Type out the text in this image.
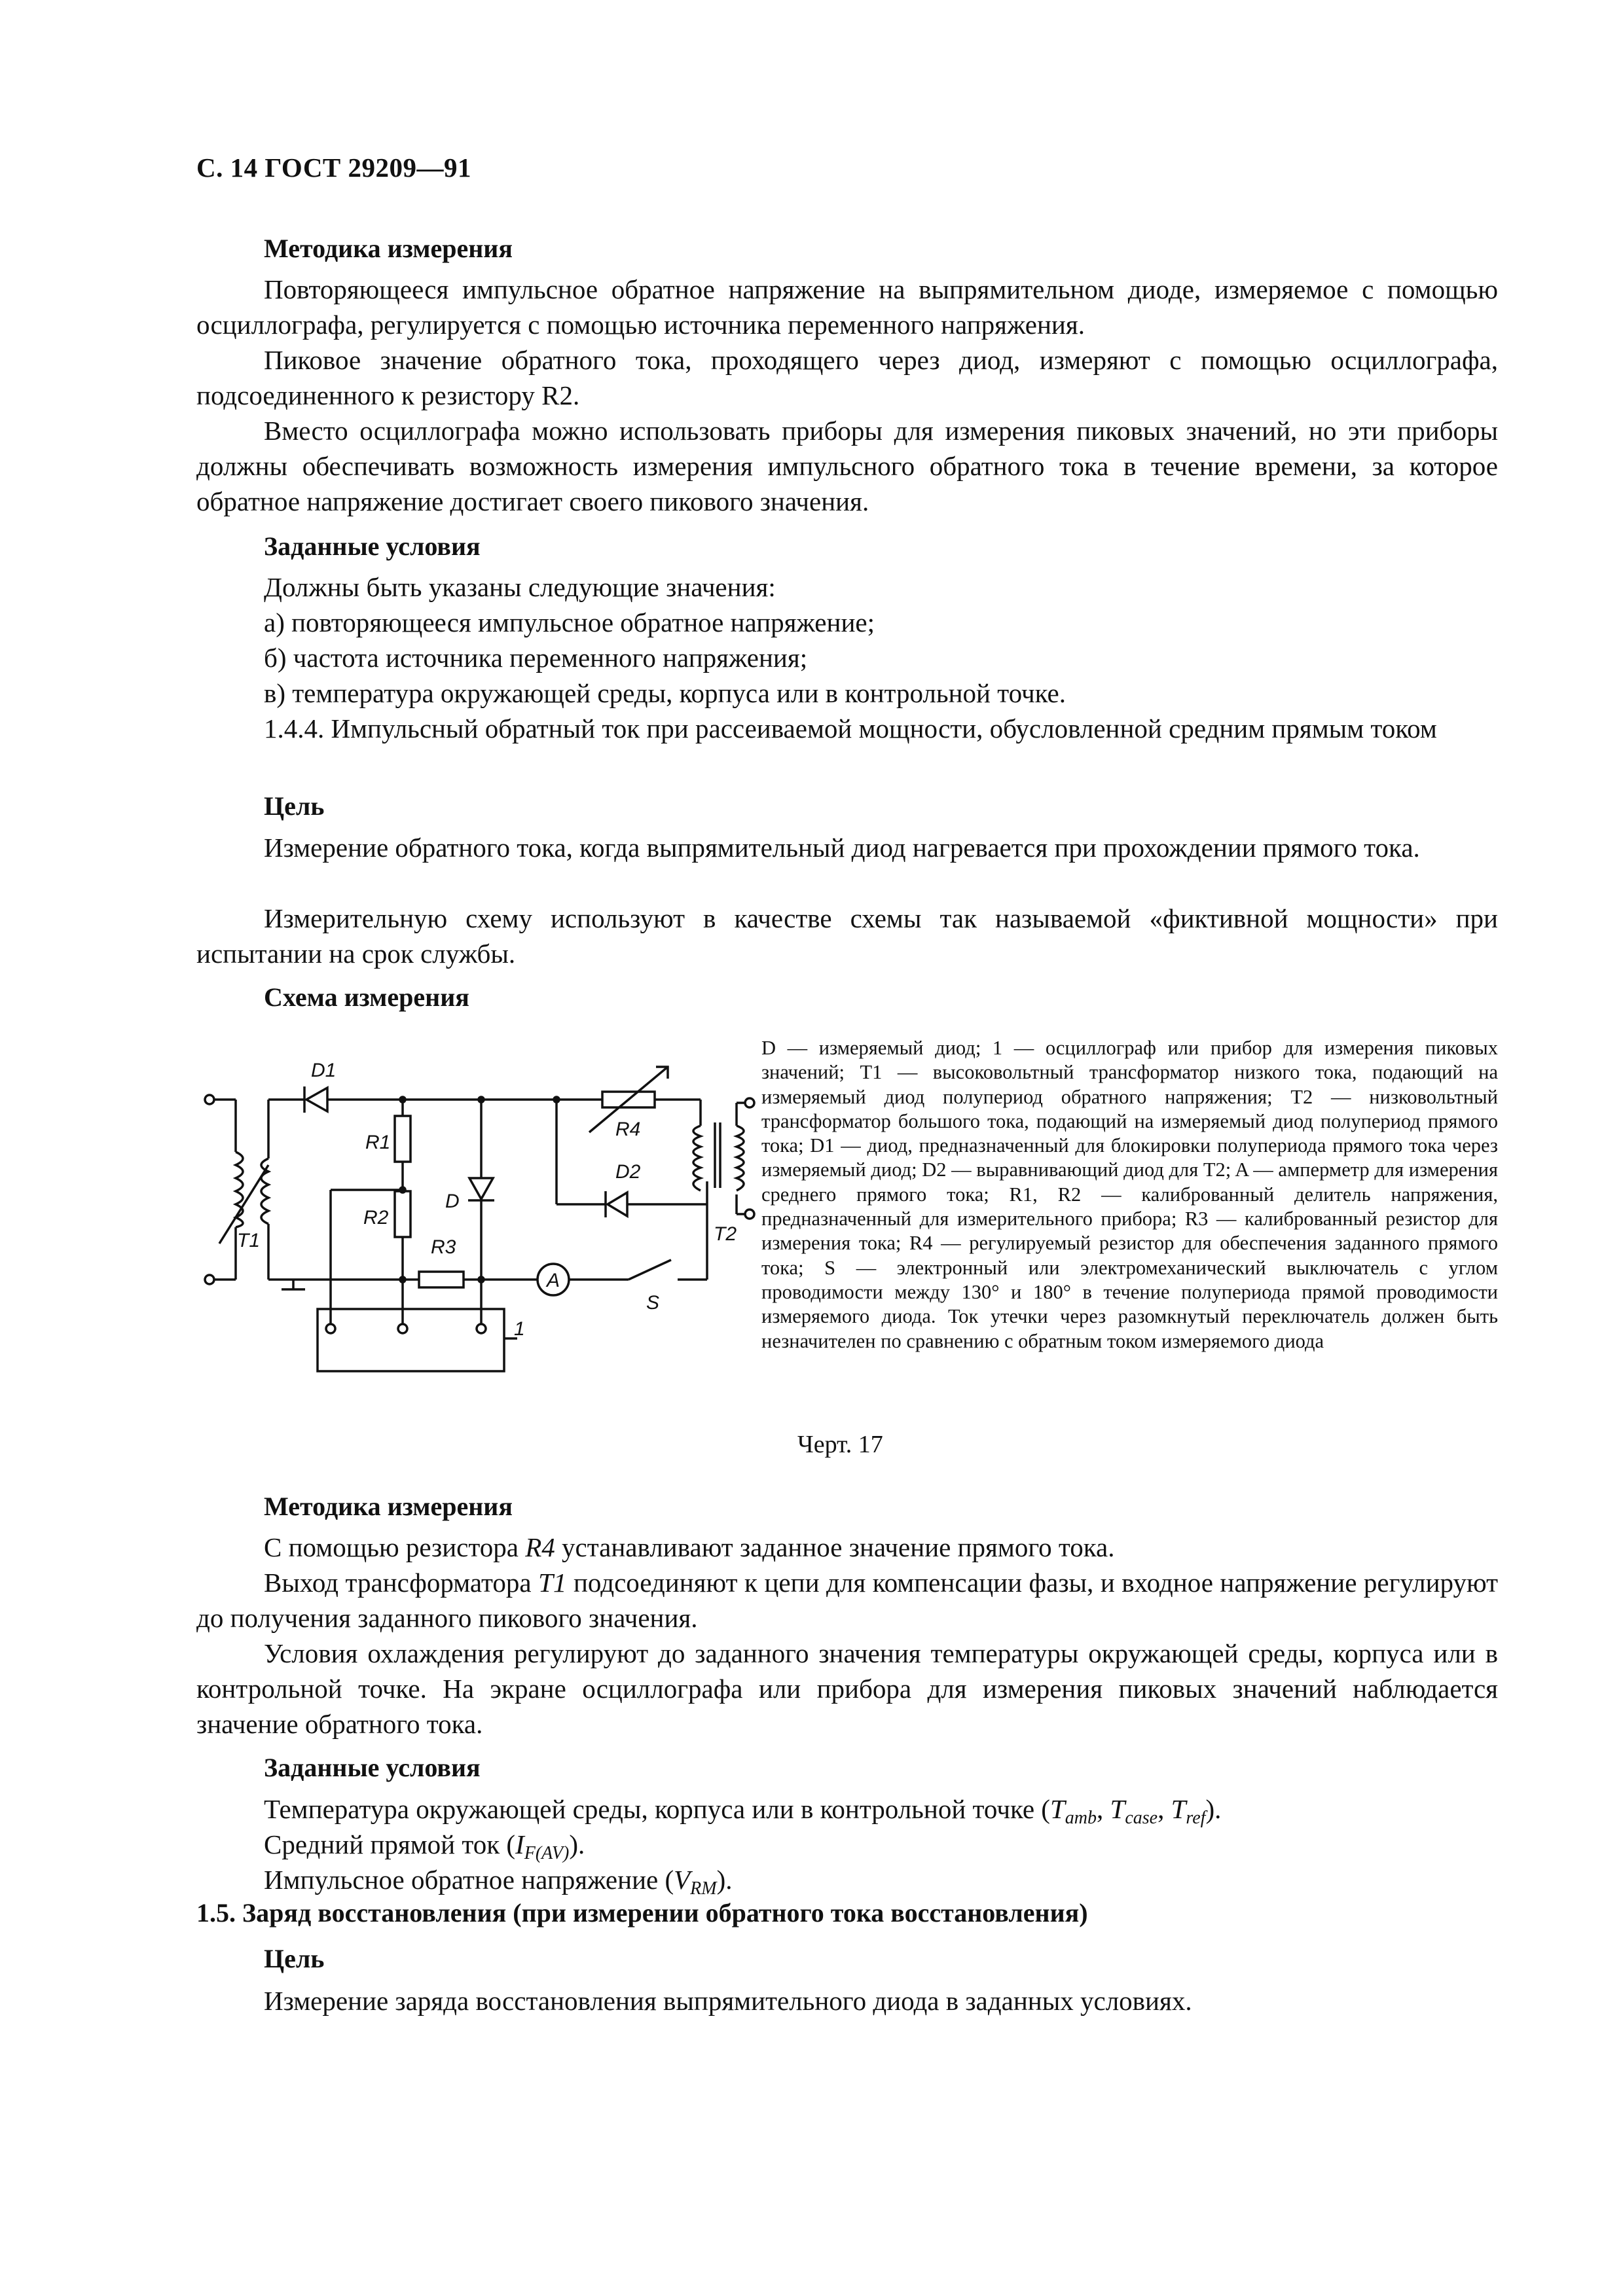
С. 14 ГОСТ 29209—91
Методика измерения

Повторяющееся импульсное обратное напряжение на выпрямительном диоде, измеряемое с помощью осциллографа, регулируется с помощью источника переменного напряжения.

Пиковое значение обратного тока, проходящего через диод, измеряют с помощью осциллографа, подсоединенного к резистору R2.

Вместо осциллографа можно использовать приборы для измерения пиковых значений, но эти приборы должны обеспечивать возможность измерения импульсного обратного тока в течение времени, за которое обратное напряжение достигает своего пикового значения.

Заданные условия
Должны быть указаны следующие значения:
а) повторяющееся импульсное обратное напряжение;
б) частота источника переменного напряжения;
в) температура окружающей среды, корпуса или в контрольной точке.

1.4.4. Импульсный обратный ток при рассеиваемой мощности, обусловленной средним прямым током

Цель

Измерение обратного тока, когда выпрямительный диод нагревается при прохождении прямого тока.

Измерительную схему используют в качестве схемы так называемой «фиктивной мощности» при испытании на срок службы.

Схема измерения
D1
R1
D
R4
D2
R2
R3
T1	T2
A
S
1

D — измеряемый диод; 1 — осциллограф или прибор для измерения пиковых значений; T1 — высоковольтный трансформатор низкого тока, подающий на измеряемый диод полупериод обратного напряжения; T2 — низковольтный трансформатор большого тока, подающий на измеряемый диод полупериод прямого тока; D1 — диод, предназначенный для блокировки полупериода прямого тока через измеряемый диод; D2 — выравнивающий диод для T2; A — амперметр для измерения среднего прямого тока; R1, R2 — калиброванный делитель напряжения, предназначенный для измерительного прибора; R3 — калиброванный резистор для измерения тока; R4 — регулируемый резистор для обеспечения заданного прямого тока; S — электронный или электромеханический выключатель с углом проводимости между 130° и 180° в течение полупериода прямой проводимости измеряемого диода. Ток утечки через разомкнутый переключатель должен быть незначителен по сравнению с обратным током измеряемого диода

Черт. 17
Методика измерения
С помощью резистора R4 устанавливают заданное значение прямого тока.

Выход трансформатора T1 подсоединяют к цепи для компенсации фазы, и входное напряжение регулируют до получения заданного пикового значения.

Условия охлаждения регулируют до заданного значения температуры окружающей среды, корпуса или в контрольной точке. На экране осциллографа или прибора для измерения пиковых значений наблюдается значение обратного тока.

Заданные условия
Температура окружающей среды, корпуса или в контрольной точке ($T_{amb}$, $T_{case}$, $T_{ref}$).
Средний прямой ток $(I_{F(AV)})$.
Импульсное обратное напряжение $(V_{RM})$.
1.5. Заряд восстановления (при измерении обратного тока восстановления)
Цель
Измерение заряда восстановления выпрямительного диода в заданных условиях.
